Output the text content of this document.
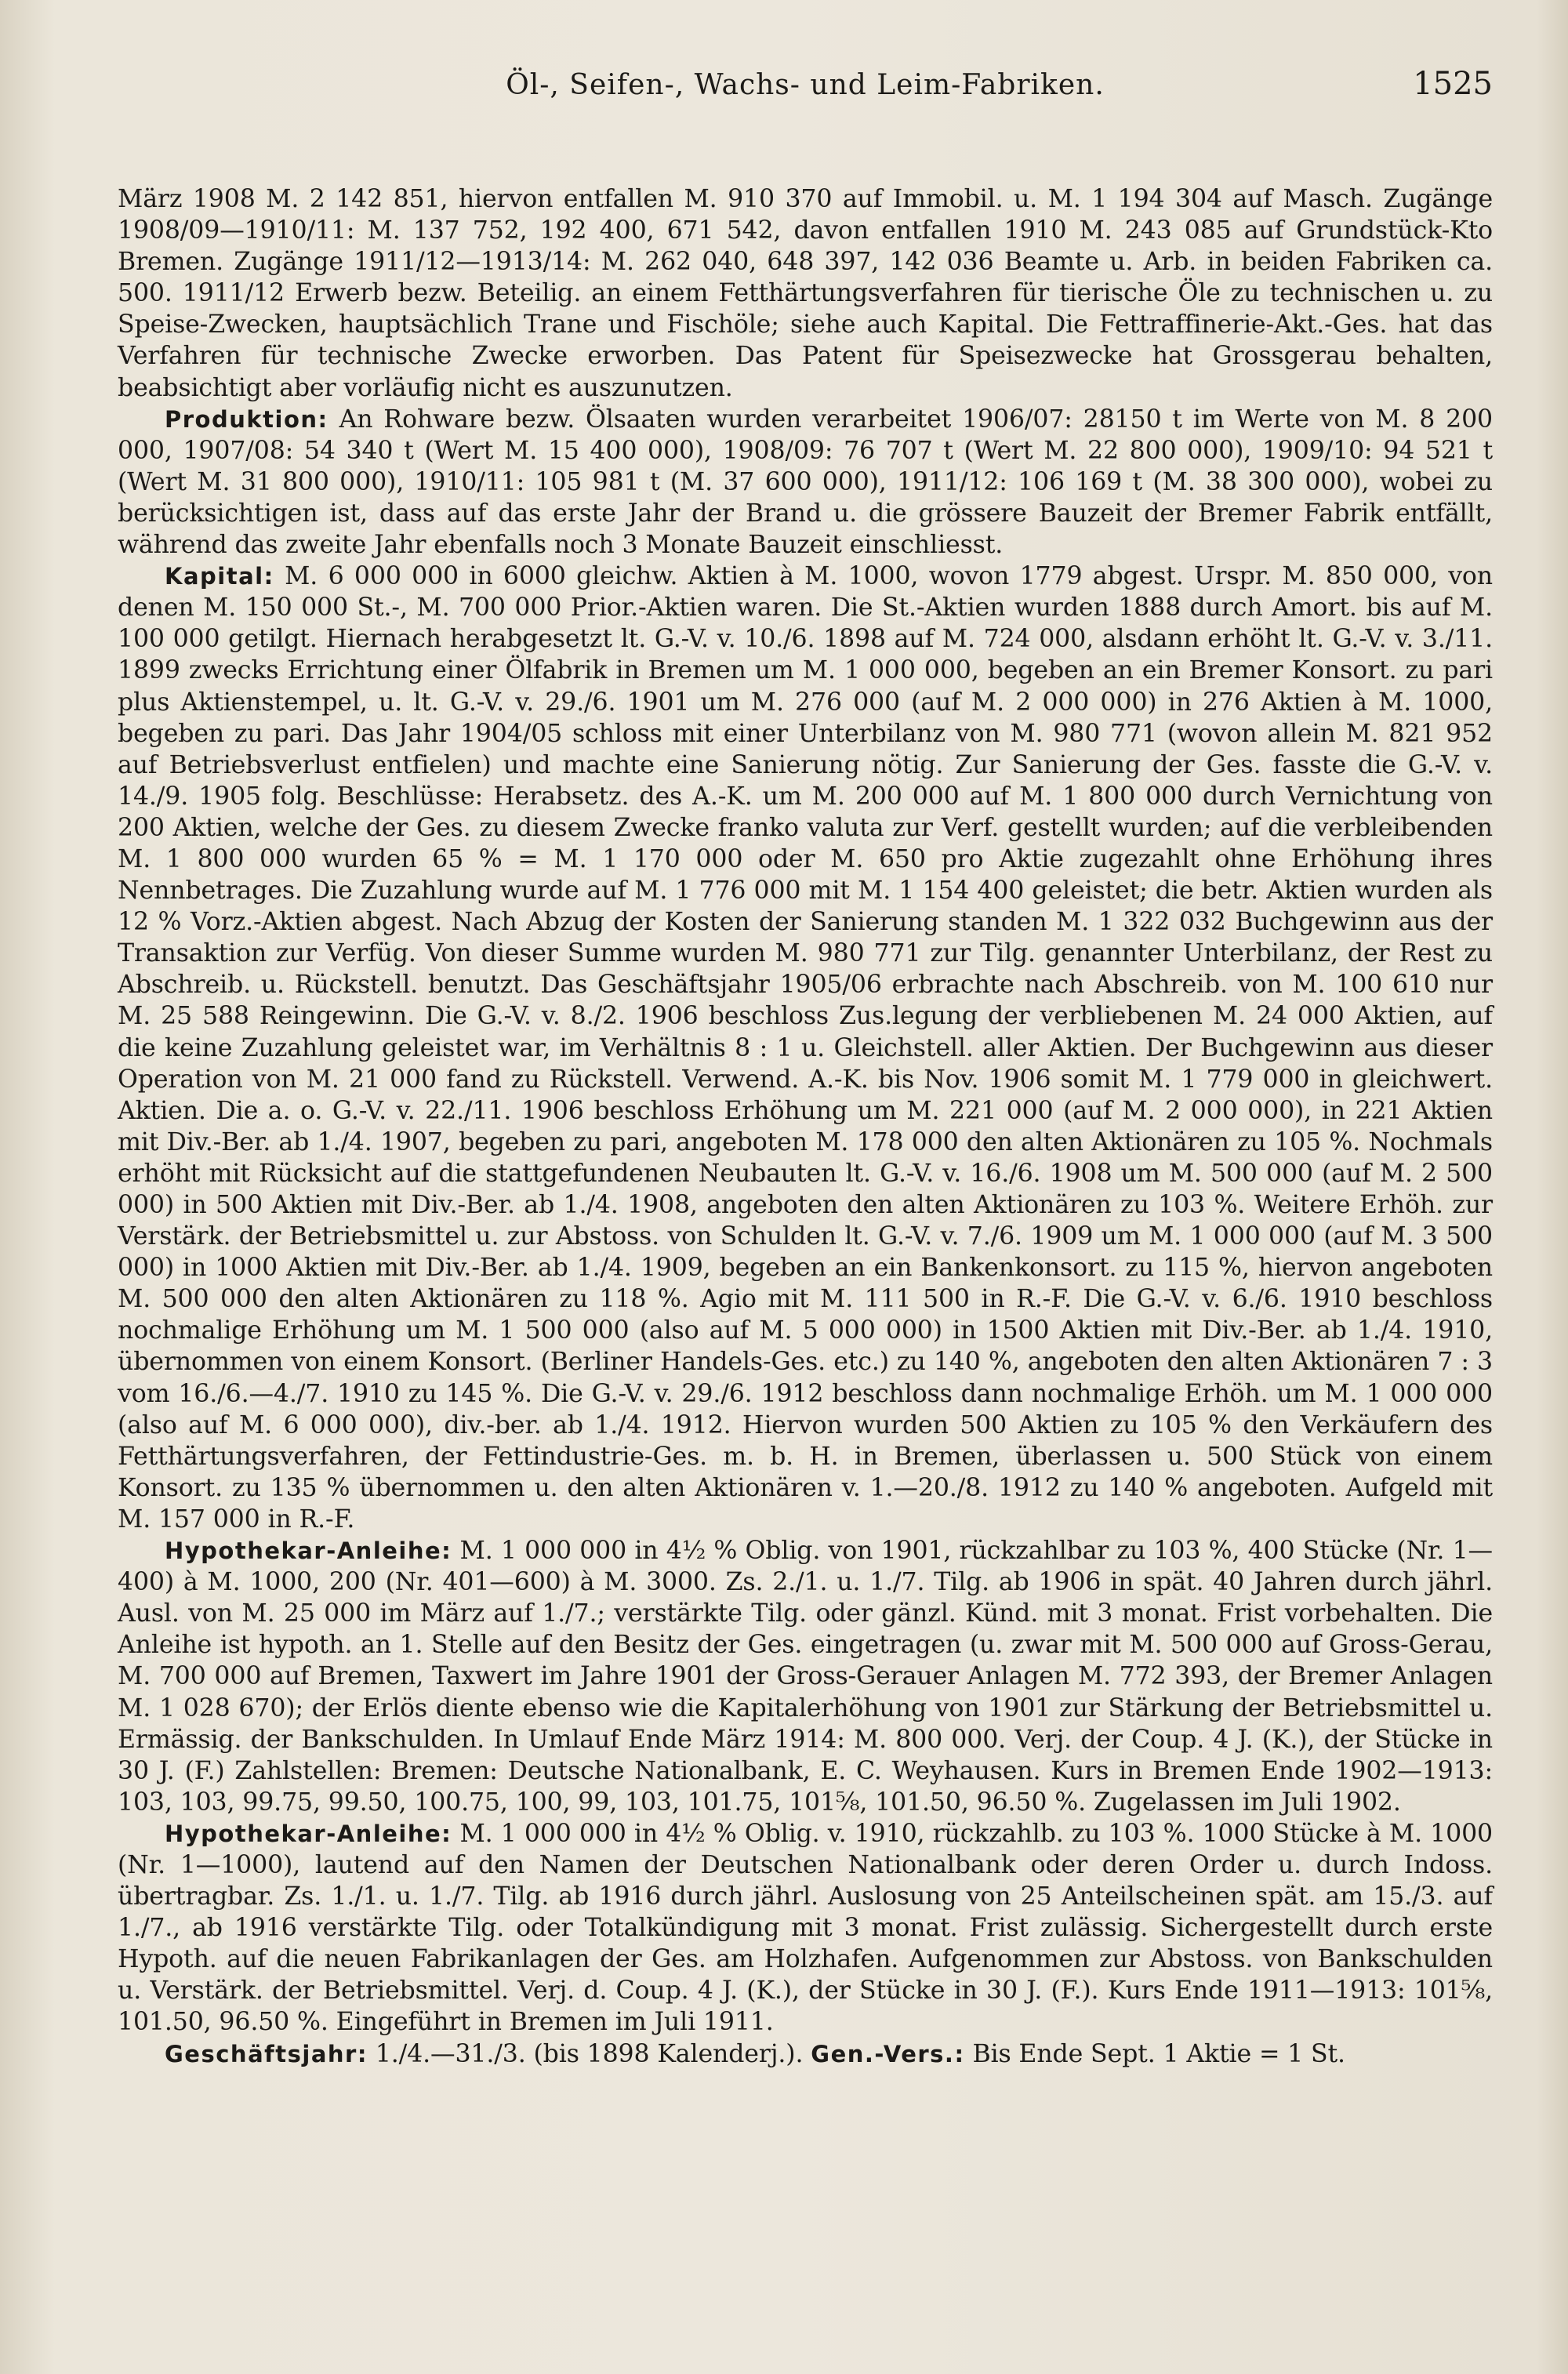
Öl-, Seifen-, Wachs- und Leim-Fabriken.	1525

März 1908 M. 2 142 851, hiervon entfallen M. 910 370 auf Immobil. u. M. 1 194 304 auf Masch. Zugänge 1908/09—1910/11: M. 137 752, 192 400, 671 542, davon entfallen 1910 M. 243 085 auf Grundstück-Kto Bremen. Zugänge 1911/12—1913/14: M. 262 040, 648 397, 142 036 Beamte u. Arb. in beiden Fabriken ca. 500. 1911/12 Erwerb bezw. Beteilig. an einem Fetthärtungsverfahren für tierische Öle zu technischen u. zu Speise-Zwecken, hauptsächlich Trane und Fischöle; siehe auch Kapital. Die Fettraffinerie-Akt.-Ges. hat das Verfahren für technische Zwecke erworben. Das Patent für Speisezwecke hat Grossgerau behalten, beabsichtigt aber vorläufig nicht es auszunutzen.

Produktion: An Rohware bezw. Ölsaaten wurden verarbeitet 1906/07: 28150 t im Werte von M. 8 200 000, 1907/08: 54 340 t (Wert M. 15 400 000), 1908/09: 76 707 t (Wert M. 22 800 000), 1909/10: 94 521 t (Wert M. 31 800 000), 1910/11: 105 981 t (M. 37 600 000), 1911/12: 106 169 t (M. 38 300 000), wobei zu berücksichtigen ist, dass auf das erste Jahr der Brand u. die grössere Bauzeit der Bremer Fabrik entfällt, während das zweite Jahr ebenfalls noch 3 Monate Bauzeit einschliesst.

Kapital: M. 6 000 000 in 6000 gleichw. Aktien à M. 1000, wovon 1779 abgest. Urspr. M. 850 000, von denen M. 150 000 St.-, M. 700 000 Prior.-Aktien waren. Die St.-Aktien wurden 1888 durch Amort. bis auf M. 100 000 getilgt. Hiernach herabgesetzt lt. G.-V. v. 10./6. 1898 auf M. 724 000, alsdann erhöht lt. G.-V. v. 3./11. 1899 zwecks Errichtung einer Ölfabrik in Bremen um M. 1 000 000, begeben an ein Bremer Konsort. zu pari plus Aktienstempel, u. lt. G.-V. v. 29./6. 1901 um M. 276 000 (auf M. 2 000 000) in 276 Aktien à M. 1000, begeben zu pari. Das Jahr 1904/05 schloss mit einer Unterbilanz von M. 980 771 (wovon allein M. 821 952 auf Betriebsverlust entfielen) und machte eine Sanierung nötig. Zur Sanierung der Ges. fasste die G.-V. v. 14./9. 1905 folg. Beschlüsse: Herabsetz. des A.-K. um M. 200 000 auf M. 1 800 000 durch Vernichtung von 200 Aktien, welche der Ges. zu diesem Zwecke franko valuta zur Verf. gestellt wurden; auf die verbleibenden M. 1 800 000 wurden 65 % = M. 1 170 000 oder M. 650 pro Aktie zugezahlt ohne Erhöhung ihres Nennbetrages. Die Zuzahlung wurde auf M. 1 776 000 mit M. 1 154 400 geleistet; die betr. Aktien wurden als 12 % Vorz.-Aktien abgest. Nach Abzug der Kosten der Sanierung standen M. 1 322 032 Buchgewinn aus der Transaktion zur Verfüg. Von dieser Summe wurden M. 980 771 zur Tilg. genannter Unterbilanz, der Rest zu Abschreib. u. Rückstell. benutzt. Das Geschäftsjahr 1905/06 erbrachte nach Abschreib. von M. 100 610 nur M. 25 588 Reingewinn. Die G.-V. v. 8./2. 1906 beschloss Zus.legung der verbliebenen M. 24 000 Aktien, auf die keine Zuzahlung geleistet war, im Verhältnis 8 : 1 u. Gleichstell. aller Aktien. Der Buchgewinn aus dieser Operation von M. 21 000 fand zu Rückstell. Verwend. A.-K. bis Nov. 1906 somit M. 1 779 000 in gleichwert. Aktien. Die a. o. G.-V. v. 22./11. 1906 beschloss Erhöhung um M. 221 000 (auf M. 2 000 000), in 221 Aktien mit Div.-Ber. ab 1./4. 1907, begeben zu pari, angeboten M. 178 000 den alten Aktionären zu 105 %. Nochmals erhöht mit Rücksicht auf die stattgefundenen Neubauten lt. G.-V. v. 16./6. 1908 um M. 500 000 (auf M. 2 500 000) in 500 Aktien mit Div.-Ber. ab 1./4. 1908, angeboten den alten Aktionären zu 103 %. Weitere Erhöh. zur Verstärk. der Betriebsmittel u. zur Abstoss. von Schulden lt. G.-V. v. 7./6. 1909 um M. 1 000 000 (auf M. 3 500 000) in 1000 Aktien mit Div.-Ber. ab 1./4. 1909, begeben an ein Bankenkonsort. zu 115 %, hiervon angeboten M. 500 000 den alten Aktionären zu 118 %. Agio mit M. 111 500 in R.-F. Die G.-V. v. 6./6. 1910 beschloss nochmalige Erhöhung um M. 1 500 000 (also auf M. 5 000 000) in 1500 Aktien mit Div.-Ber. ab 1./4. 1910, übernommen von einem Konsort. (Berliner Handels-Ges. etc.) zu 140 %, angeboten den alten Aktionären 7 : 3 vom 16./6.—4./7. 1910 zu 145 %. Die G.-V. v. 29./6. 1912 beschloss dann nochmalige Erhöh. um M. 1 000 000 (also auf M. 6 000 000), div.-ber. ab 1./4. 1912. Hiervon wurden 500 Aktien zu 105 % den Verkäufern des Fetthärtungsverfahren, der Fettindustrie-Ges. m. b. H. in Bremen, überlassen u. 500 Stück von einem Konsort. zu 135 % übernommen u. den alten Aktionären v. 1.—20./8. 1912 zu 140 % angeboten. Aufgeld mit M. 157 000 in R.-F.

Hypothekar-Anleihe: M. 1 000 000 in 4½ % Oblig. von 1901, rückzahlbar zu 103 %, 400 Stücke (Nr. 1—400) à M. 1000, 200 (Nr. 401—600) à M. 3000. Zs. 2./1. u. 1./7. Tilg. ab 1906 in spät. 40 Jahren durch jährl. Ausl. von M. 25 000 im März auf 1./7.; verstärkte Tilg. oder gänzl. Künd. mit 3 monat. Frist vorbehalten. Die Anleihe ist hypoth. an 1. Stelle auf den Besitz der Ges. eingetragen (u. zwar mit M. 500 000 auf Gross-Gerau, M. 700 000 auf Bremen, Taxwert im Jahre 1901 der Gross-Gerauer Anlagen M. 772 393, der Bremer Anlagen M. 1 028 670); der Erlös diente ebenso wie die Kapitalerhöhung von 1901 zur Stärkung der Betriebsmittel u. Ermässig. der Bankschulden. In Umlauf Ende März 1914: M. 800 000. Verj. der Coup. 4 J. (K.), der Stücke in 30 J. (F.) Zahlstellen: Bremen: Deutsche Nationalbank, E. C. Weyhausen. Kurs in Bremen Ende 1902—1913: 103, 103, 99.75, 99.50, 100.75, 100, 99, 103, 101.75, 101⅝, 101.50, 96.50 %. Zugelassen im Juli 1902.

Hypothekar-Anleihe: M. 1 000 000 in 4½ % Oblig. v. 1910, rückzahlb. zu 103 %. 1000 Stücke à M. 1000 (Nr. 1—1000), lautend auf den Namen der Deutschen Nationalbank oder deren Order u. durch Indoss. übertragbar. Zs. 1./1. u. 1./7. Tilg. ab 1916 durch jährl. Auslosung von 25 Anteilscheinen spät. am 15./3. auf 1./7., ab 1916 verstärkte Tilg. oder Totalkündigung mit 3 monat. Frist zulässig. Sichergestellt durch erste Hypoth. auf die neuen Fabrikanlagen der Ges. am Holzhafen. Aufgenommen zur Abstoss. von Bankschulden u. Verstärk. der Betriebsmittel. Verj. d. Coup. 4 J. (K.), der Stücke in 30 J. (F.). Kurs Ende 1911—1913: 101⅝, 101.50, 96.50 %. Eingeführt in Bremen im Juli 1911.

Geschäftsjahr: 1./4.—31./3. (bis 1898 Kalenderj.). Gen.-Vers.: Bis Ende Sept. 1 Aktie = 1 St.
